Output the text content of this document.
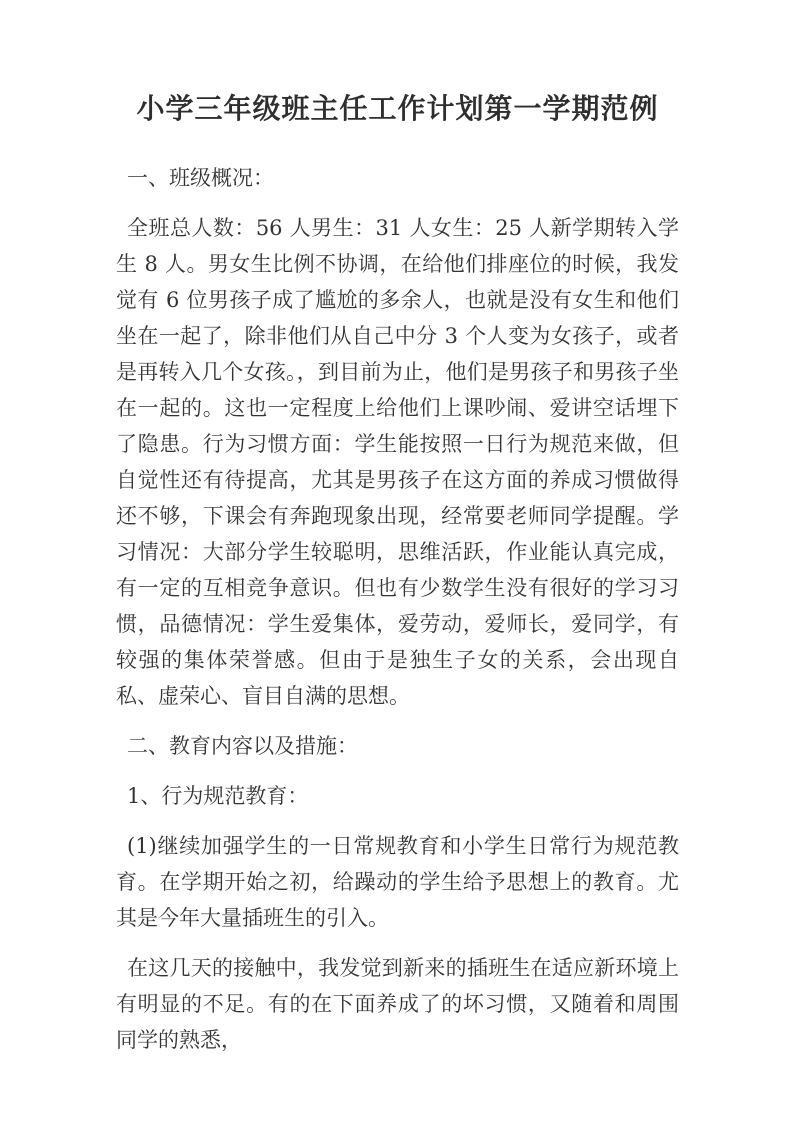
小学三年级班主任工作计划第一学期范例
一、班级概况：
全班总人数：56 人男生：31 人女生：25 人新学期转入学生 8 人。男女生比例不协调，在给他们排座位的时候，我发觉有 6 位男孩子成了尴尬的多余人，也就是没有女生和他们坐在一起了，除非他们从自己中分 3 个人变为女孩子，或者是再转入几个女孩。，到目前为止，他们是男孩子和男孩子坐在一起的。这也一定程度上给他们上课吵闹、爱讲空话埋下了隐患。行为习惯方面：学生能按照一日行为规范来做，但自觉性还有待提高，尤其是男孩子在这方面的养成习惯做得还不够，下课会有奔跑现象出现，经常要老师同学提醒。学习情况：大部分学生较聪明，思维活跃，作业能认真完成，有一定的互相竞争意识。但也有少数学生没有很好的学习习惯，品德情况：学生爱集体，爱劳动，爱师长，爱同学，有较强的集体荣誉感。但由于是独生子女的关系，会出现自私、虚荣心、盲目自满的思想。
二、教育内容以及措施：
1、行为规范教育：
(1)继续加强学生的一日常规教育和小学生日常行为规范教育。在学期开始之初，给躁动的学生给予思想上的教育。尤其是今年大量插班生的引入。
在这几天的接触中，我发觉到新来的插班生在适应新环境上有明显的不足。有的在下面养成了的坏习惯，又随着和周围同学的熟悉，
